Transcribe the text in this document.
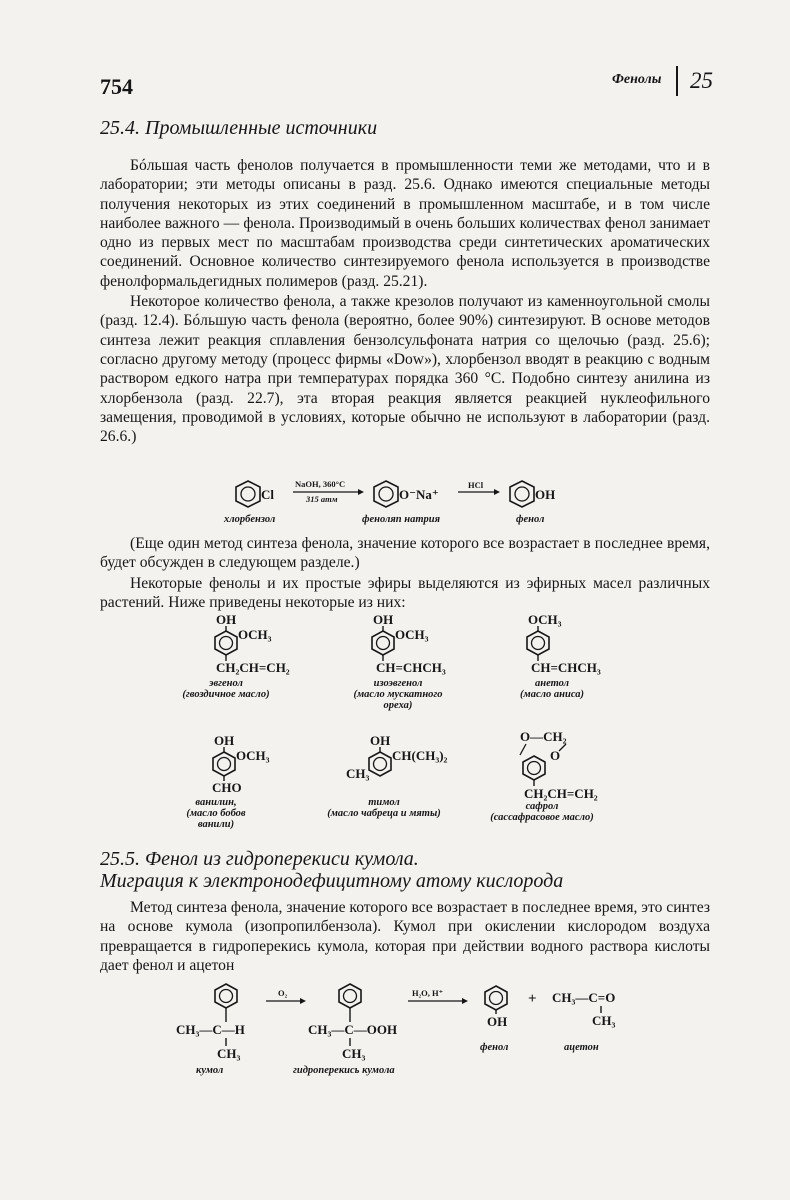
754	Фенолы 25
25.4. Промышленные источники

Бóльшая часть фенолов получается в промышленности теми же методами, что и в лаборатории; эти методы описаны в разд. 25.6. Однако имеются специальные методы получения некоторых из этих соединений в промышленном масштабе, и в том числе наиболее важного — фенола. Производимый в очень больших количествах фенол занимает одно из первых мест по масштабам производства среди синтетических ароматических соединений. Основное количество синтезируемого фенола используется в производстве фенолформальдегидных полимеров (разд. 25.21).

Некоторое количество фенола, а также крезолов получают из каменноугольной смолы (разд. 12.4). Бóльшую часть фенола (вероятно, более 90%) синтезируют. В основе методов синтеза лежит реакция сплавления бензолсульфоната натрия со щелочью (разд. 25.6); согласно другому методу (процесс фирмы «Dow»), хлорбензол вводят в реакцию с водным раствором едкого натра при температурах порядка 360 °C. Подобно синтезу анилина из хлорбензола (разд. 22.7), эта вторая реакция является реакцией нуклеофильного замещения, проводимой в условиях, которые обычно не используют в лаборатории (разд. 26.6.)

Cl
хлорбензол
NaOH, 360°C
315 атм	O⁻Na⁺
феноляп натрия
HCl
OH
фенол

(Еще один метод синтеза фенола, значение которого все возрастает в последнее время, будет обсужден в следующем разделе.)

Некоторые фенолы и их простые эфиры выделяются из эфирных масел различных растений. Ниже приведены некоторые из них:

OH
OCH₃
CH₂CH=CH₂
эвгенол
(гвоздичное масло)
OH
OCH₃
CH=CHCH₃
изоэвгенол
(масло мускатного
ореха)
OCH₃
CH=CHCH₃
анетол
(масло аниса)
OH
OCH₃
CHO
ванилин,
(масло бобов
ванили)
OH
CH(CH₃)₂
CH₃
тимол
(масло чабреца и мяты)
O—CH₂
O
CH₂CH=CH₂
сафрол
(сассафрасовое масло)
25.5. Фенол из гидроперекиси кумола.
Миграция к электронодефицитному атому кислорода

Метод синтеза фенола, значение которого все возрастает в последнее время, это синтез на основе кумола (изопропилбензола). Кумол при окислении кислородом воздуха превращается в гидроперекись кумола, которая при действии водного раствора кислоты дает фенол и ацетон

CH₃—C—H
CH₃
кумол
O₂
CH₃—C—OOH
CH₃
гидроперекись кумола
H₂O, H⁺
OH
фенол
+ CH₃—C=O
CH₃
ацетон
